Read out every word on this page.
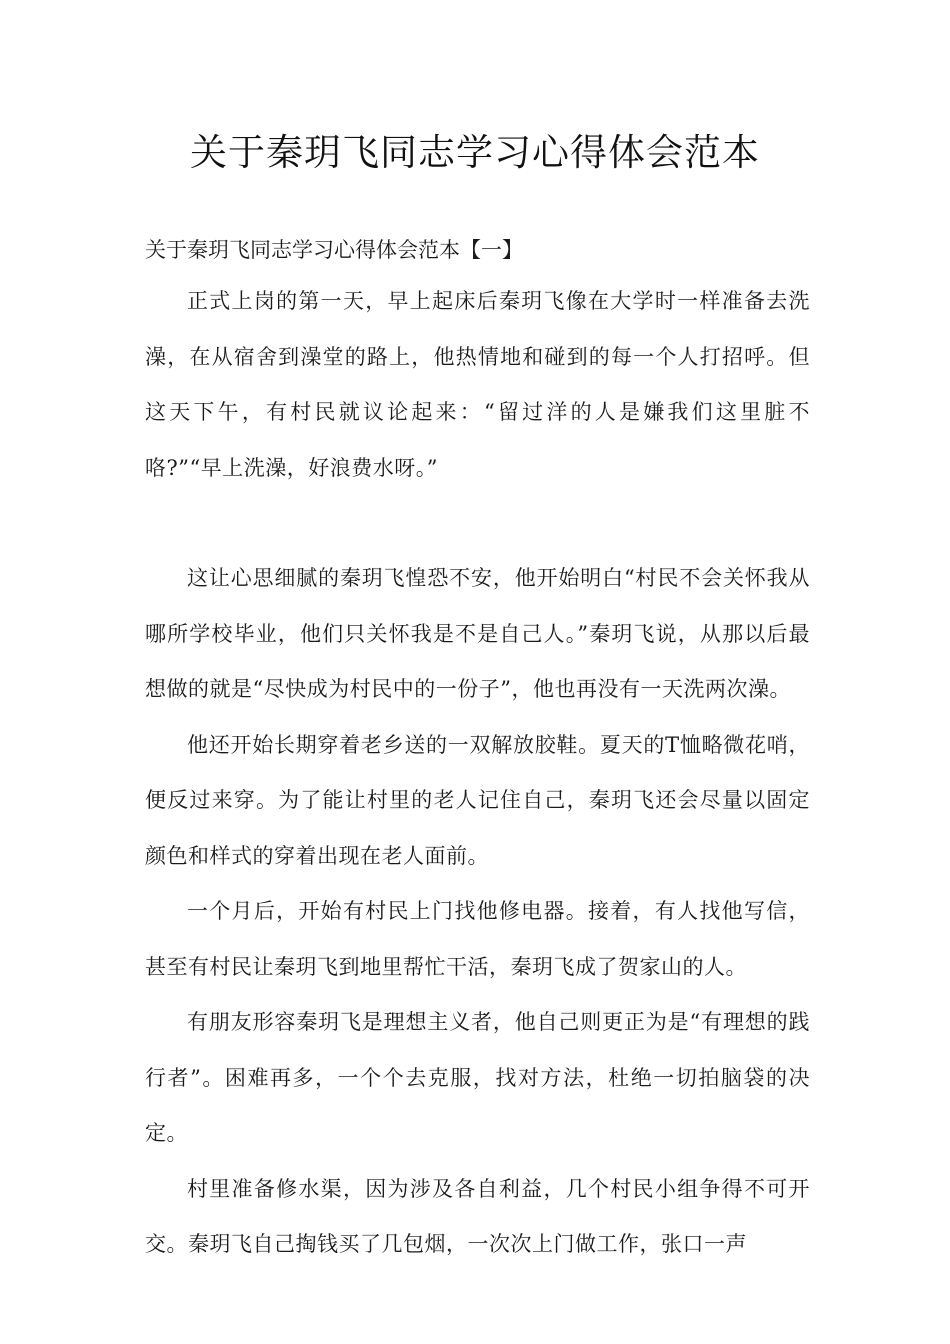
关于秦玥飞同志学习心得体会范本
关于秦玥飞同志学习心得体会范本【一】

正式上岗的第一天，早上起床后秦玥飞像在大学时一样准备去洗澡，在从宿舍到澡堂的路上，他热情地和碰到的每一个人打招呼。但这天下午，有村民就议论起来：“留过洋的人是嫌我们这里脏不咯?”“早上洗澡，好浪费水呀。”

这让心思细腻的秦玥飞惶恐不安，他开始明白“村民不会关怀我从哪所学校毕业，他们只关怀我是不是自己人。”秦玥飞说，从那以后最想做的就是“尽快成为村民中的一份子”，他也再没有一天洗两次澡。

他还开始长期穿着老乡送的一双解放胶鞋。夏天的T恤略微花哨，便反过来穿。为了能让村里的老人记住自己，秦玥飞还会尽量以固定颜色和样式的穿着出现在老人面前。

一个月后，开始有村民上门找他修电器。接着，有人找他写信，甚至有村民让秦玥飞到地里帮忙干活，秦玥飞成了贺家山的人。

有朋友形容秦玥飞是理想主义者，他自己则更正为是“有理想的践行者”。困难再多，一个个去克服，找对方法，杜绝一切拍脑袋的决定。

村里准备修水渠，因为涉及各自利益，几个村民小组争得不可开交。秦玥飞自己掏钱买了几包烟，一次次上门做工作，张口一声
